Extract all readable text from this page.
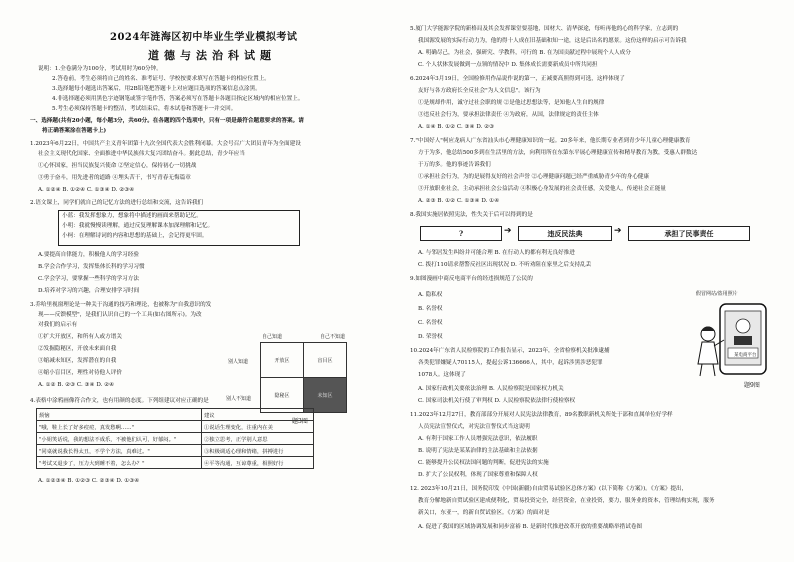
2024年涟海区初中毕业生学业模拟考试
道德与法治科试题
说明：1.全卷满分为100分，考试用时为60分钟。
2.答卷前，考生必须将自己的姓名、准考证号、学校按要求填写在答题卡的相应位置上。
3.选择题每小题选出答案后，用2B铅笔把答题卡上对应题目选项的答案信息点涂黑。
4.非选择题必须用黑色字迹钢笔或签字笔作答，答案必须写在答题卡各题目指定区域内的相应位置上。
5.考生必须保持答题卡的整洁，考试结束后，将本试卷和答题卡一并交回。
一、选择题(共有20小题，每小题3分，共60分。在各题的四个选项中，只有一项是最符合题意要求的答案。请
将正确答案涂在答题卡上)
1.2023年6月22日，中国共产主义青年团第十九次全国代表大会胜利闭幕。大会号召广大团员青年为全面建设
社会主义现代化国家、全面推进中华民族伟大复兴团结奋斗。据此总结，青少年应当
①心怀国家，担当民族复兴使命 ②坚定信心，保持初心一切挑战
③勇于奋斗，用先进者的道路 ④埋头苦干，书写青春无悔篇章
A. ①②④ B. ①②④ C. ①③④ D. ②③④
2.语文课上，同学们就自己的记忆方法的进行总结和交流，这告诉我们
小蓝：我发挥想象力，想象将中描述的画面来帮助记忆。
小明：我就慢慢读理解，通过反复理解课本加深理解和记忆。
小柯：在理解诗词的内容和思想的基础上，会记得更牢固。
A.要提高自律能力，积极他人的学习经验
B.学会合作学习，发挥集体长科的学习习惯
C.学会学习，要掌握一些科学的学习方法
D.培养对学习的兴趣，合理安排学习时间
3.乔哈里视窗理论是一种关于沟通的技巧和理论，也被称为"自我意识的发
现——反馈模型"，是我们认识自己的一个工具(如右图所示)。为改
对我们的启示有
①扩大开放区，和所有人或方谱关
②发掘隐秘区，开放未来面自我
③缩减未知区，发挥潜在的自我
④缩小盲目区，理性对待他人评价
A. ①② B. ②③ C. ③④ D. ②④
自己知道	自己不知道
别人知道
别人不知道
开放区	盲目区
隐秘区	未知区
题3图
4.表格中涂鸦画像符合作文，也有用颜的态度。下列组建议对应正确的是
烦恼	建议
"哦，鞋上长了好多痘痘，真发愁啊……"	①说话生理变化，注重内在美
"小姐笑话说，我的想法不成乐，不被他们认可，好郁闷。"	②独立思考，正学别人意思
"同桌就说我长得太丑，不学个方法，真难过。"	③积极调适心理和情绪，拼搏进行
"考试又退步了，压力大到睡不着，怎么办？"	④平等沟通，互谅尊重，相照好行
A. ①②③④ B. ①②③ C. ②③④ D. ①③④
5.厦门大学能源学院的新格局及其会发挥课堂要基地，国材大、清华深途，每听再他的心的科学家，立志到的
我国源发展的实际行动力为，他的得十人成在旧基础和知一途，这是后出名的愿景。这份这样的启示可告诉我
A. 明确尽己，为社会，强研究、学教科，可行的 B. 在为国贡献过程中展现个人人成分
C. 个人状体发展做到一点领的情况中 D. 集体成长需要新成员中所共同担
6.2024年3月19日，全国检修用作品说作说的第一，正减要高照得到可选，这样体现了
友好与各方政府长全反社会"为人文信息"。该行为
①是规却作用，诚守过社会职的规 ②是他过思想法等，是知他人生自的规律
③违反社会行为，要承担法律责任 ④为政府，从国，法律规定的责任主体
A. ①④ B. ①② C. ③④ D. ②③
7."中国好人"柯应龙病人广东省汕头市心理健康知识的一起。20多年来，他长期专业者到青少年儿童心理健康教育
方于为多，他总结500多到在生活里的方法，向利用所在东第东平展心理健康宣传和精导教育为教，受惠人群数达
于万的多。他的事迹告诉我们
①承担社会行为，为的是展得友好的社会声誉 ②心理健康问题已经严重威胁青少年的身心健康
③开放职业社会，主动承担社会公益活动 ④积极心身发展的社会责任感，关爱他人，传递社会正能量
A. ②③ B. ①② C. ①③④ D. ①④
8.我国实施居依照宪法，性失关于后可以得到的是
?	➔	违反民法典	➔	承担了民事责任
A. 与邻居发生纠纷并可能合理 B. 在行动人的都有利无良好推进
C. 拨打110请求帮警反社区出现状况 D. 不听劝阻在家里之后支持乱丢
9.如图漫画中商反电商平台的经违损规范了公民的
A. 隐私权
B. 名誉权
C. 名誉权
D. 荣誉权
10.2024年广东省人民检察院的工作报告显示，2023年，全省检察机关批准逮捕
各类犯罪嫌疑人70115人，提起公诉136666人，其中，起诉涉黑涉恶犯罪
1078人。这体现了
A. 国家行政机关要依法治理 B. 人民检察院是国家权力机关
C. 国家司法机关行使了审判权 D. 人民检察院依法律行使检察权
11.2023年12月27日，教育部部分开展对人民宪法法律教育，89名教职新机关所处于部和直属单位好学样
人员宪法宣誓仪式，对宪法宣誓仪式当这说明
A. 有利于国家工作人员增强宪法意识，依法履职
B. 说明了宪法是某某治律的主法基础和主法依据
C. 能够提升公民权法国问题的判断，促进宪法的实施
D. 扩大了公民权利，体现了国家尊重和保障人权
12. 2023年10月21日，国务院印发《中国(新疆)自由贸易试验区总体方案》(以下简称《方案》)。《方案》提出，
教育分解地新自贸试验区建成便利化，贸易投资完全，经营资金，在业投资，要力，服务业的资本，管理结构实现，服务
新关口，东亚一，的新自贸试验区。《方案》的面对是
A. 促进了我国的区域协调发展和同步富裕 B. 是新时代推进改革开放的重要战略举措试卷图
假冒网站/盗用照片
某电商平台
题9图
